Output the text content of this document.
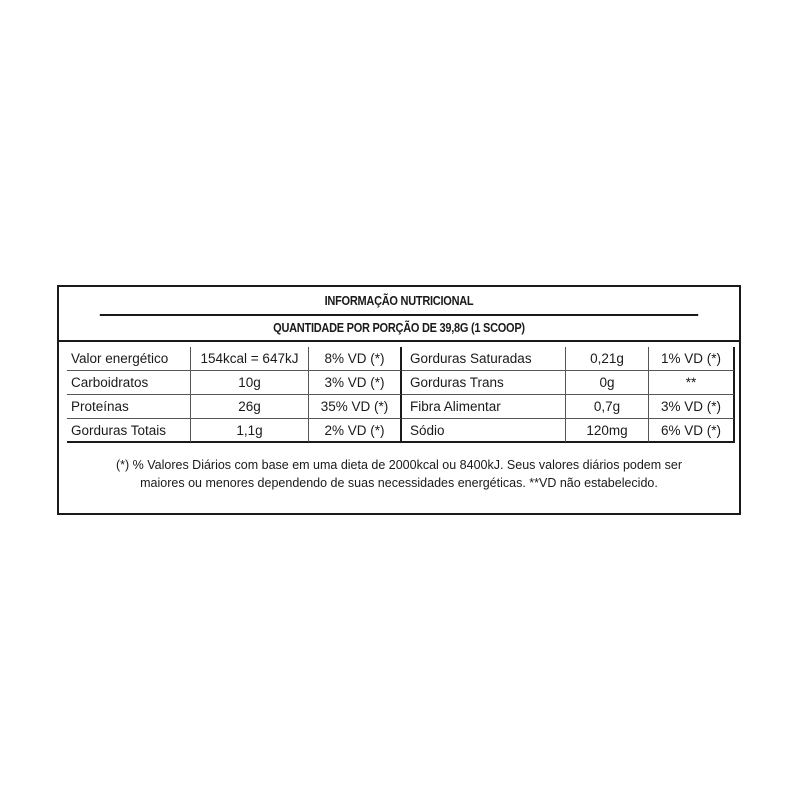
INFORMAÇÃO NUTRICIONAL
QUANTIDADE POR PORÇÃO DE 39,8G (1 SCOOP)
Valor energético	154kcal = 647kJ	8% VD (*)	Gorduras Saturadas	0,21g	1% VD (*)
Carboidratos	10g	3% VD (*)	Gorduras Trans	0g	**
Proteínas	26g	35% VD (*)	Fibra Alimentar	0,7g	3% VD (*)
Gorduras Totais	1,1g	2% VD (*)	Sódio	120mg	6% VD (*)
(*) % Valores Diários com base em uma dieta de 2000kcal ou 8400kJ. Seus valores diários podem ser
maiores ou menores dependendo de suas necessidades energéticas. **VD não estabelecido.
